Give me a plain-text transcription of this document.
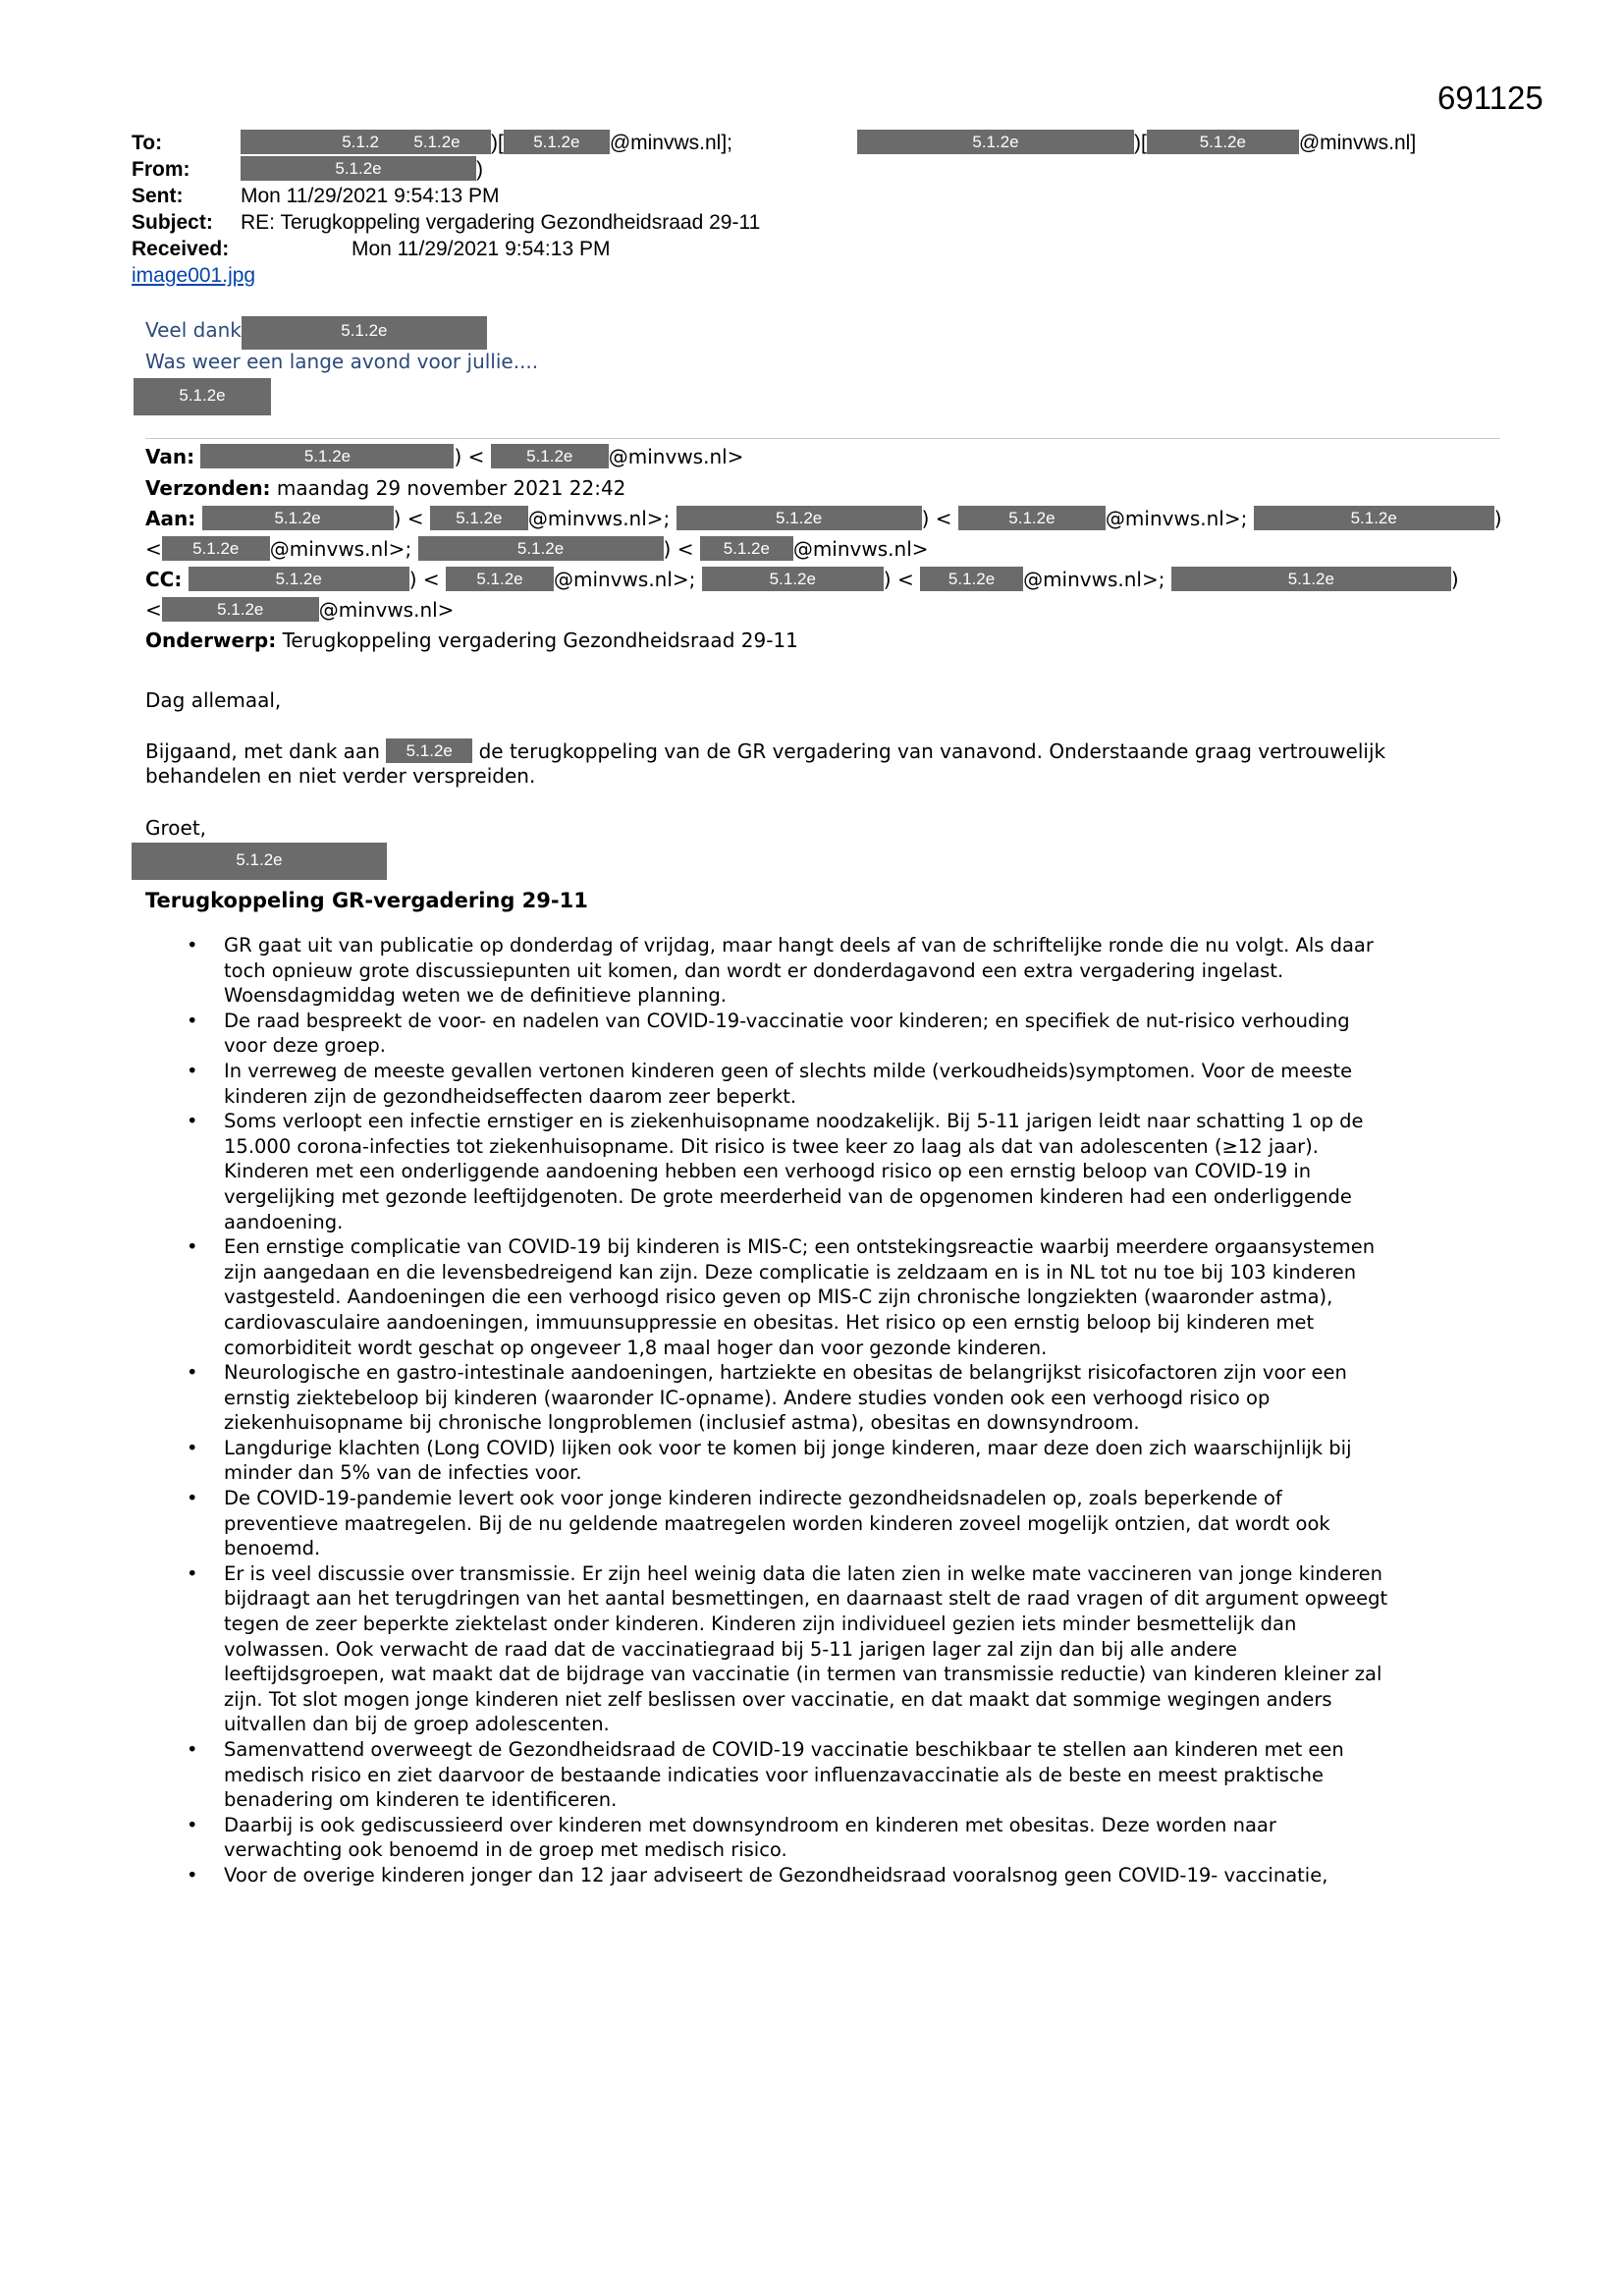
691125
To:	5.1.2 5.1.2e )[ 5.1.2e @minvws.nl];	5.1.2e	)[	5.1.2e	@minvws.nl]
From:	5.1.2e	)
Sent:	Mon 11/29/2021 9:54:13 PM
Subject: RE: Terugkoppeling vergadering Gezondheidsraad 29-11
Received:	Mon 11/29/2021 9:54:13 PM
image001.jpg
Veel dank	5.1.2e
Was weer een lange avond voor jullie....
5.1.2e
Van:	5.1.2e	) <	5.1.2e @minvws.nl>
Verzonden: maandag 29 november 2021 22:42
Aan:	5.1.2e	) < 5.1.2e @minvws.nl>;	5.1.2e	) <	5.1.2e	@minvws.nl>;	5.1.2e	)
< 5.1.2e @minvws.nl>;	5.1.2e	) < 5.1.2e @minvws.nl>
CC:	5.1.2e	) < 5.1.2e @minvws.nl>;	5.1.2e	) < 5.1.2e @minvws.nl>;	5.1.2e	)
<	5.1.2e	@minvws.nl>
Onderwerp: Terugkoppeling vergadering Gezondheidsraad 29-11
Dag allemaal,
Bijgaand, met dank aan 5.1.2e de terugkoppeling van de GR vergadering van vanavond. Onderstaande graag vertrouwelijk
behandelen en niet verder verspreiden.
Groet,
5.1.2e
Terugkoppeling GR-vergadering 29-11
• GR gaat uit van publicatie op donderdag of vrijdag, maar hangt deels af van de schriftelijke ronde die nu volgt. Als daar
toch opnieuw grote discussiepunten uit komen, dan wordt er donderdagavond een extra vergadering ingelast.
Woensdagmiddag weten we de definitieve planning.
• De raad bespreekt de voor- en nadelen van COVID-19-vaccinatie voor kinderen; en specifiek de nut-risico verhouding
voor deze groep.
• In verreweg de meeste gevallen vertonen kinderen geen of slechts milde (verkoudheids)symptomen. Voor de meeste
kinderen zijn de gezondheidseffecten daarom zeer beperkt.
• Soms verloopt een infectie ernstiger en is ziekenhuisopname noodzakelijk. Bij 5-11 jarigen leidt naar schatting 1 op de
15.000 corona-infecties tot ziekenhuisopname. Dit risico is twee keer zo laag als dat van adolescenten (≥12 jaar).
Kinderen met een onderliggende aandoening hebben een verhoogd risico op een ernstig beloop van COVID-19 in
vergelijking met gezonde leeftijdgenoten. De grote meerderheid van de opgenomen kinderen had een onderliggende
aandoening.
• Een ernstige complicatie van COVID-19 bij kinderen is MIS-C; een ontstekingsreactie waarbij meerdere orgaansystemen
zijn aangedaan en die levensbedreigend kan zijn. Deze complicatie is zeldzaam en is in NL tot nu toe bij 103 kinderen
vastgesteld. Aandoeningen die een verhoogd risico geven op MIS-C zijn chronische longziekten (waaronder astma),
cardiovasculaire aandoeningen, immuunsuppressie en obesitas. Het risico op een ernstig beloop bij kinderen met
comorbiditeit wordt geschat op ongeveer 1,8 maal hoger dan voor gezonde kinderen.
• Neurologische en gastro-intestinale aandoeningen, hartziekte en obesitas de belangrijkst risicofactoren zijn voor een
ernstig ziektebeloop bij kinderen (waaronder IC-opname). Andere studies vonden ook een verhoogd risico op
ziekenhuisopname bij chronische longproblemen (inclusief astma), obesitas en downsyndroom.
• Langdurige klachten (Long COVID) lijken ook voor te komen bij jonge kinderen, maar deze doen zich waarschijnlijk bij
minder dan 5% van de infecties voor.
• De COVID-19-pandemie levert ook voor jonge kinderen indirecte gezondheidsnadelen op, zoals beperkende of
preventieve maatregelen. Bij de nu geldende maatregelen worden kinderen zoveel mogelijk ontzien, dat wordt ook
benoemd.
• Er is veel discussie over transmissie. Er zijn heel weinig data die laten zien in welke mate vaccineren van jonge kinderen
bijdraagt aan het terugdringen van het aantal besmettingen, en daarnaast stelt de raad vragen of dit argument opweegt
tegen de zeer beperkte ziektelast onder kinderen. Kinderen zijn individueel gezien iets minder besmettelijk dan
volwassen. Ook verwacht de raad dat de vaccinatiegraad bij 5-11 jarigen lager zal zijn dan bij alle andere
leeftijdsgroepen, wat maakt dat de bijdrage van vaccinatie (in termen van transmissie reductie) van kinderen kleiner zal
zijn. Tot slot mogen jonge kinderen niet zelf beslissen over vaccinatie, en dat maakt dat sommige wegingen anders
uitvallen dan bij de groep adolescenten.
• Samenvattend overweegt de Gezondheidsraad de COVID-19 vaccinatie beschikbaar te stellen aan kinderen met een
medisch risico en ziet daarvoor de bestaande indicaties voor influenzavaccinatie als de beste en meest praktische
benadering om kinderen te identificeren.
• Daarbij is ook gediscussieerd over kinderen met downsyndroom en kinderen met obesitas. Deze worden naar
verwachting ook benoemd in de groep met medisch risico.
• Voor de overige kinderen jonger dan 12 jaar adviseert de Gezondheidsraad vooralsnog geen COVID-19- vaccinatie,
